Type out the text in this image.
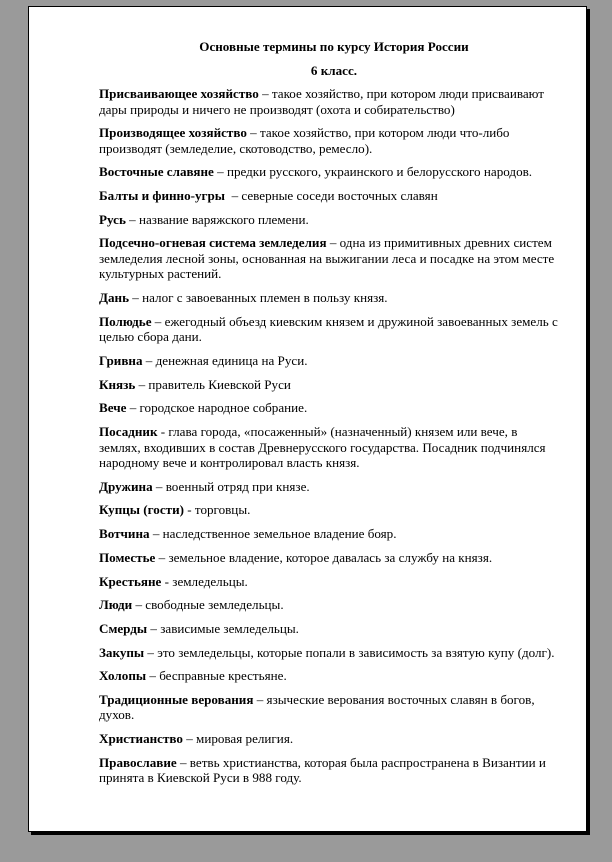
Основные термины по курсу История России

6 класс.

Присваивающее хозяйство – такое хозяйство, при котором люди присваивают дары природы и ничего не производят (охота и собирательство)

Производящее хозяйство – такое хозяйство, при котором люди что-либо производят (земледелие, скотоводство, ремесло).

Восточные славяне – предки русского, украинского и белорусского народов.

Балты и финно-угры  – северные соседи восточных славян

Русь – название варяжского племени.

Подсечно-огневая система земледелия – одна из примитивных древних систем земледелия лесной зоны, основанная на выжигании леса и посадке на этом месте культурных растений.

Дань – налог с завоеванных племен в пользу князя.

Полюдье – ежегодный объезд киевским князем и дружиной завоеванных земель с целью сбора дани.

Гривна – денежная единица на Руси.

Князь – правитель Киевской Руси

Вече – городское народное собрание.

Посадник - глава города, «посаженный» (назначенный) князем или вече, в землях, входивших в состав Древнерусского государства. Посадник подчинялся народному вече и контролировал власть князя.

Дружина – военный отряд при князе.

Купцы (гости) - торговцы.

Вотчина – наследственное земельное владение бояр.

Поместье – земельное владение, которое давалась за службу на князя.

Крестьяне - земледельцы.

Люди – свободные земледельцы.

Смерды – зависимые земледельцы.

Закупы – это земледельцы, которые попали в зависимость за взятую купу (долг).

Холопы – бесправные крестьяне.

Традиционные верования – языческие верования восточных славян в богов, духов.

Христианство – мировая религия.

Православие – ветвь христианства, которая была распространена в Византии и принята в Киевской Руси в 988 году.
